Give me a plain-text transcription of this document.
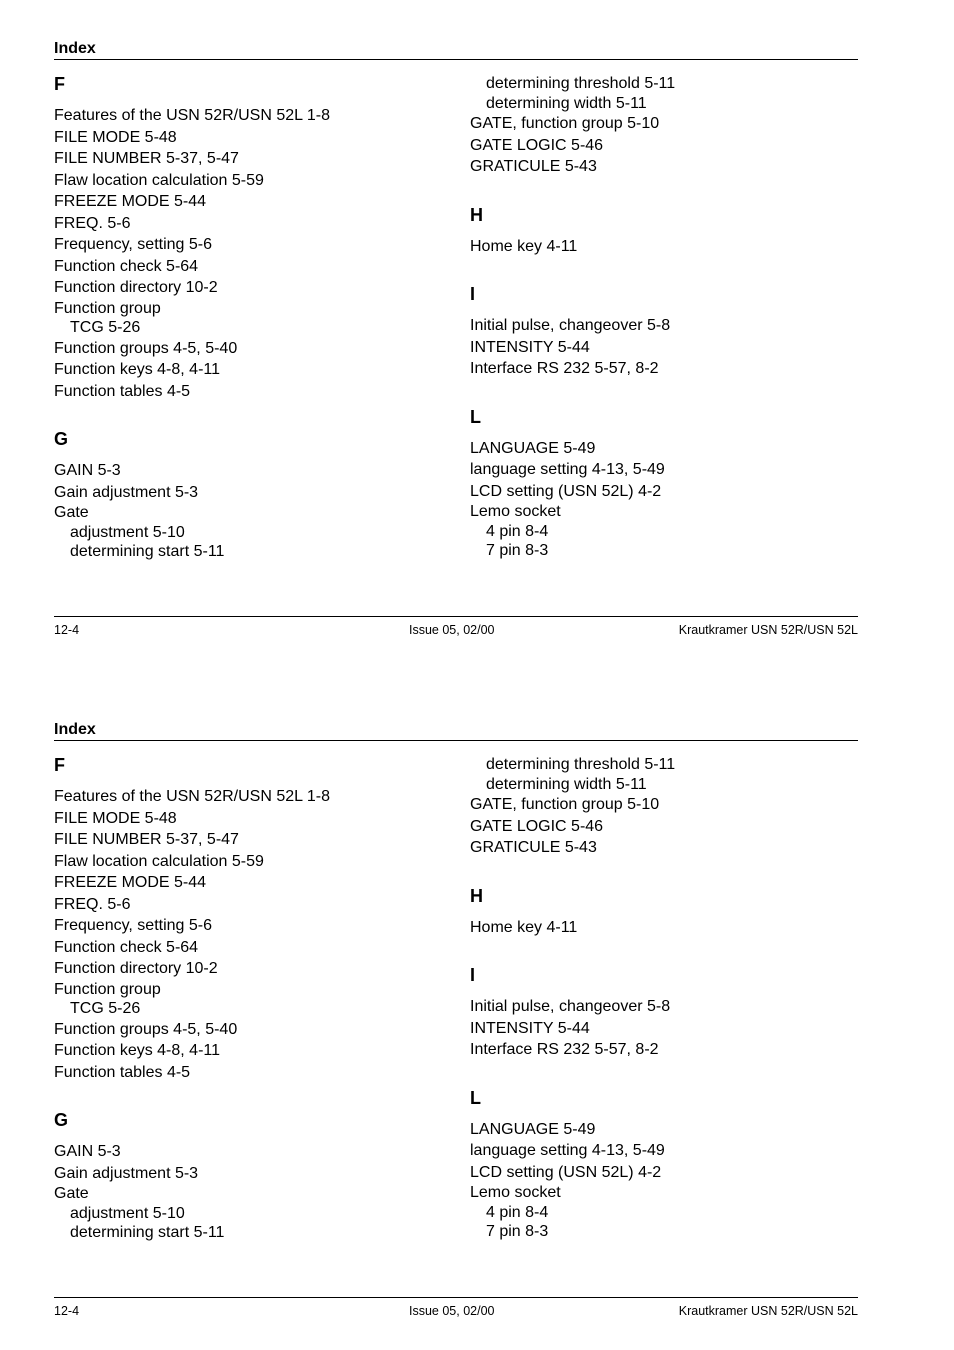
Index
F
Features of the USN 52R/USN 52L 1-8
FILE MODE 5-48
FILE NUMBER 5-37, 5-47
Flaw location calculation 5-59
FREEZE MODE 5-44
FREQ. 5-6
Frequency, setting 5-6
Function check 5-64
Function directory 10-2
Function group
TCG 5-26
Function groups 4-5, 5-40
Function keys 4-8, 4-11
Function tables 4-5
G
GAIN 5-3
Gain adjustment 5-3
Gate
adjustment 5-10
determining start 5-11
determining threshold 5-11
determining width 5-11
GATE, function group 5-10
GATE LOGIC 5-46
GRATICULE 5-43
H
Home key 4-11
I
Initial pulse, changeover 5-8
INTENSITY 5-44
Interface RS 232 5-57, 8-2
L
LANGUAGE 5-49
language setting 4-13, 5-49
LCD setting (USN 52L) 4-2
Lemo socket
4 pin 8-4
7 pin 8-3
12-4	Issue 05, 02/00	Krautkramer USN 52R/USN 52L
Index
F
Features of the USN 52R/USN 52L 1-8
FILE MODE 5-48
FILE NUMBER 5-37, 5-47
Flaw location calculation 5-59
FREEZE MODE 5-44
FREQ. 5-6
Frequency, setting 5-6
Function check 5-64
Function directory 10-2
Function group
TCG 5-26
Function groups 4-5, 5-40
Function keys 4-8, 4-11
Function tables 4-5
G
GAIN 5-3
Gain adjustment 5-3
Gate
adjustment 5-10
determining start 5-11
determining threshold 5-11
determining width 5-11
GATE, function group 5-10
GATE LOGIC 5-46
GRATICULE 5-43
H
Home key 4-11
I
Initial pulse, changeover 5-8
INTENSITY 5-44
Interface RS 232 5-57, 8-2
L
LANGUAGE 5-49
language setting 4-13, 5-49
LCD setting (USN 52L) 4-2
Lemo socket
4 pin 8-4
7 pin 8-3
12-4	Issue 05, 02/00	Krautkramer USN 52R/USN 52L
